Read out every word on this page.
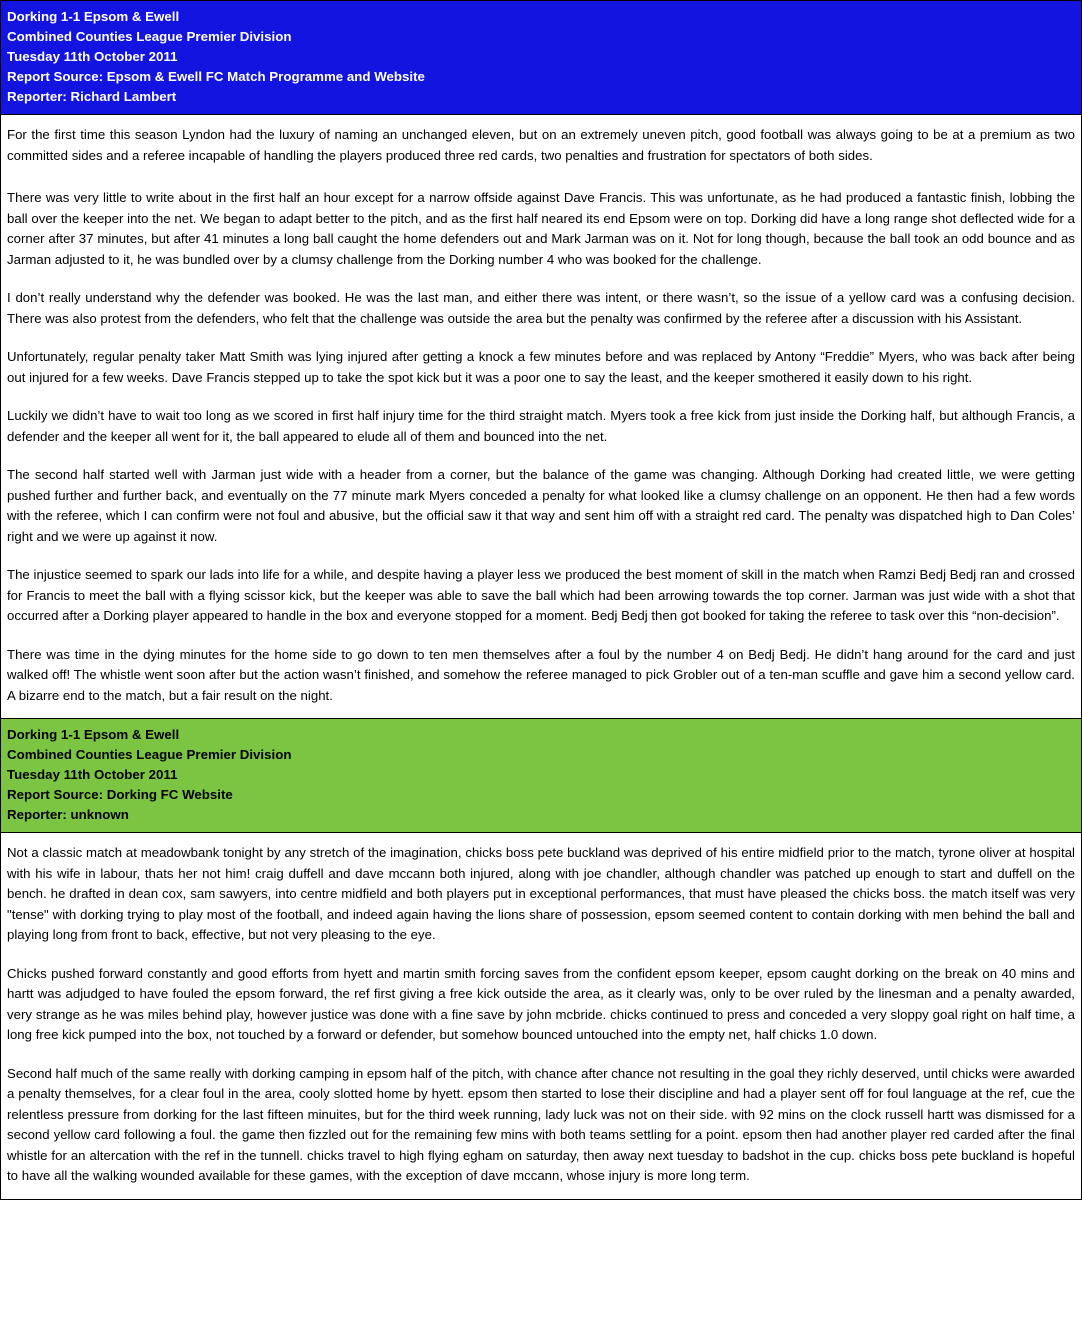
Dorking 1-1 Epsom & Ewell
Combined Counties League Premier Division
Tuesday 11th October 2011
Report Source: Epsom & Ewell FC Match Programme and Website
Reporter: Richard Lambert

For the first time this season Lyndon had the luxury of naming an unchanged eleven, but on an extremely uneven pitch, good football was always going to be at a premium as two committed sides and a referee incapable of handling the players produced three red cards, two penalties and frustration for spectators of both sides.

There was very little to write about in the first half an hour except for a narrow offside against Dave Francis. This was unfortunate, as he had produced a fantastic finish, lobbing the ball over the keeper into the net. We began to adapt better to the pitch, and as the first half neared its end Epsom were on top. Dorking did have a long range shot deflected wide for a corner after 37 minutes, but after 41 minutes a long ball caught the home defenders out and Mark Jarman was on it. Not for long though, because the ball took an odd bounce and as Jarman adjusted to it, he was bundled over by a clumsy challenge from the Dorking number 4 who was booked for the challenge.

I don’t really understand why the defender was booked. He was the last man, and either there was intent, or there wasn’t, so the issue of a yellow card was a confusing decision. There was also protest from the defenders, who felt that the challenge was outside the area but the penalty was confirmed by the referee after a discussion with his Assistant.

Unfortunately, regular penalty taker Matt Smith was lying injured after getting a knock a few minutes before and was replaced by Antony “Freddie” Myers, who was back after being out injured for a few weeks. Dave Francis stepped up to take the spot kick but it was a poor one to say the least, and the keeper smothered it easily down to his right.

Luckily we didn’t have to wait too long as we scored in first half injury time for the third straight match. Myers took a free kick from just inside the Dorking half, but although Francis, a defender and the keeper all went for it, the ball appeared to elude all of them and bounced into the net.

The second half started well with Jarman just wide with a header from a corner, but the balance of the game was changing. Although Dorking had created little, we were getting pushed further and further back, and eventually on the 77 minute mark Myers conceded a penalty for what looked like a clumsy challenge on an opponent. He then had a few words with the referee, which I can confirm were not foul and abusive, but the official saw it that way and sent him off with a straight red card. The penalty was dispatched high to Dan Coles’ right and we were up against it now.

The injustice seemed to spark our lads into life for a while, and despite having a player less we produced the best moment of skill in the match when Ramzi Bedj Bedj ran and crossed for Francis to meet the ball with a flying scissor kick, but the keeper was able to save the ball which had been arrowing towards the top corner. Jarman was just wide with a shot that occurred after a Dorking player appeared to handle in the box and everyone stopped for a moment. Bedj Bedj then got booked for taking the referee to task over this “non-decision”.

There was time in the dying minutes for the home side to go down to ten men themselves after a foul by the number 4 on Bedj Bedj. He didn’t hang around for the card and just walked off! The whistle went soon after but the action wasn’t finished, and somehow the referee managed to pick Grobler out of a ten-man scuffle and gave him a second yellow card. A bizarre end to the match, but a fair result on the night.

Dorking 1-1 Epsom & Ewell
Combined Counties League Premier Division
Tuesday 11th October 2011
Report Source: Dorking FC Website
Reporter: unknown

Not a classic match at meadowbank tonight by any stretch of the imagination, chicks boss pete buckland was deprived of his entire midfield prior to the match, tyrone oliver at hospital with his wife in labour, thats her not him! craig duffell and dave mccann both injured, along with joe chandler, although chandler was patched up enough to start and duffell on the bench. he drafted in dean cox, sam sawyers, into centre midfield and both players put in exceptional performances, that must have pleased the chicks boss. the match itself was very "tense" with dorking trying to play most of the football, and indeed again having the lions share of possession, epsom seemed content to contain dorking with men behind the ball and playing long from front to back, effective, but not very pleasing to the eye.

Chicks pushed forward constantly and good efforts from hyett and martin smith forcing saves from the confident epsom keeper, epsom caught dorking on the break on 40 mins and hartt was adjudged to have fouled the epsom forward, the ref first giving a free kick outside the area, as it clearly was, only to be over ruled by the linesman and a penalty awarded, very strange as he was miles behind play, however justice was done with a fine save by john mcbride. chicks continued to press and conceded a very sloppy goal right on half time, a long free kick pumped into the box, not touched by a forward or defender, but somehow bounced untouched into the empty net, half chicks 1.0 down.

Second half much of the same really with dorking camping in epsom half of the pitch, with chance after chance not resulting in the goal they richly deserved, until chicks were awarded a penalty themselves, for a clear foul in the area, cooly slotted home by hyett. epsom then started to lose their discipline and had a player sent off for foul language at the ref, cue the relentless pressure from dorking for the last fifteen minuites, but for the third week running, lady luck was not on their side. with 92 mins on the clock russell hartt was dismissed for a second yellow card following a foul. the game then fizzled out for the remaining few mins with both teams settling for a point. epsom then had another player red carded after the final whistle for an altercation with the ref in the tunnell. chicks travel to high flying egham on saturday, then away next tuesday to badshot in the cup. chicks boss pete buckland is hopeful to have all the walking wounded available for these games, with the exception of dave mccann, whose injury is more long term.
